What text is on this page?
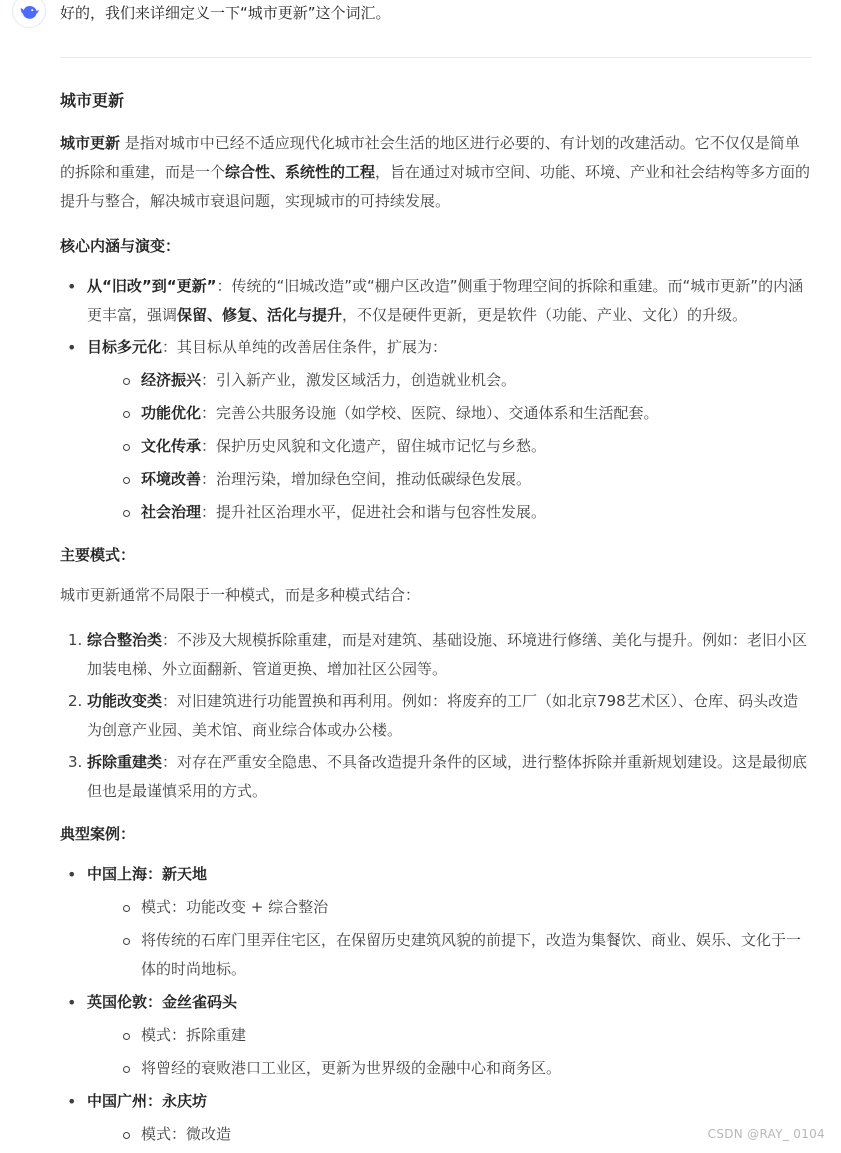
好的，我们来详细定义一下“城市更新”这个词汇。

城市更新

城市更新 是指对城市中已经不适应现代化城市社会生活的地区进行必要的、有计划的改建活动。它不仅仅是简单的拆除和重建，而是一个综合性、系统性的工程，旨在通过对城市空间、功能、环境、产业和社会结构等多方面的提升与整合，解决城市衰退问题，实现城市的可持续发展。

核心内涵与演变：
• 从“旧改”到“更新”：传统的“旧城改造”或“棚户区改造”侧重于物理空间的拆除和重建。而“城市更新”的内涵更丰富，强调保留、修复、活化与提升，不仅是硬件更新，更是软件（功能、产业、文化）的升级。
• 目标多元化：其目标从单纯的改善居住条件，扩展为：
经济振兴：引入新产业，激发区域活力，创造就业机会。
功能优化：完善公共服务设施（如学校、医院、绿地）、交通体系和生活配套。
文化传承：保护历史风貌和文化遗产，留住城市记忆与乡愁。
环境改善：治理污染，增加绿色空间，推动低碳绿色发展。
社会治理：提升社区治理水平，促进社会和谐与包容性发展。
主要模式：

城市更新通常不局限于一种模式，而是多种模式结合：

1. 综合整治类：不涉及大规模拆除重建，而是对建筑、基础设施、环境进行修缮、美化与提升。例如：老旧小区加装电梯、外立面翻新、管道更换、增加社区公园等。
2. 功能改变类：对旧建筑进行功能置换和再利用。例如：将废弃的工厂（如北京798艺术区）、仓库、码头改造为创意产业园、美术馆、商业综合体或办公楼。
3. 拆除重建类：对存在严重安全隐患、不具备改造提升条件的区域，进行整体拆除并重新规划建设。这是最彻底但也是最谨慎采用的方式。
典型案例：
• 中国上海：新天地
模式：功能改变 + 综合整治
将传统的石库门里弄住宅区，在保留历史建筑风貌的前提下，改造为集餐饮、商业、娱乐、文化于一体的时尚地标。
• 英国伦敦：金丝雀码头
模式：拆除重建
将曾经的衰败港口工业区，更新为世界级的金融中心和商务区。
• 中国广州：永庆坊
模式：微改造	CSDN @RAY_ 0104
